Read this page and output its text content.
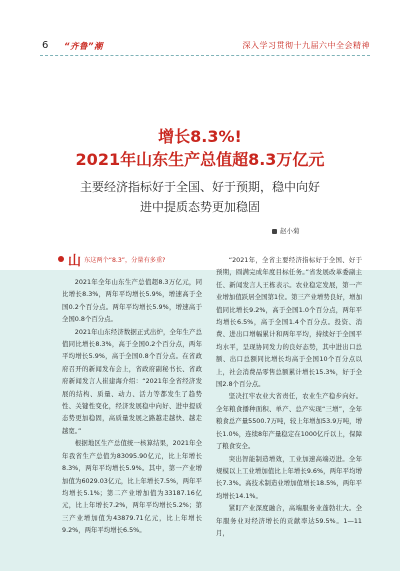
6 “齐鲁”潮	深入学习贯彻十九届六中全会精神
增长8.3%!
2021年山东生产总值超8.3万亿元
主要经济指标好于全国、好于预期，稳中向好
进中提质态势更加稳固
赵小菊
山 东这两个“8.3”，分量有多重?

2021年全年山东生产总值超8.3万亿元，同比增长8.3%，两年平均增长5.9%，增速高于全国0.2个百分点。两年平均增长5.9%，增速高于全国0.8个百分点。

2021年山东经济数据正式出炉，全年生产总值同比增长8.3%，高于全国0.2个百分点，两年平均增长5.9%，高于全国0.8个百分点。在省政府召开的新闻发布会上，省政府副秘书长、省政府新闻发言人崔建海介绍：“2021年全省经济发展的结构、质量、动力、活力等都发生了趋势性、关键性变化，经济发展稳中向好、进中提质态势更加稳固，高质量发展之路越走越快、越走越宽。”

根据地区生产总值统一核算结果，2021年全年我省生产总值为83095.90亿元，比上年增长8.3%，两年平均增长5.9%。其中，第一产业增加值为6029.03亿元，比上年增长7.5%，两年平均增长5.1%；第二产业增加值为33187.16亿元，比上年增长7.2%，两年平均增长5.2%；第三产业增加值为43879.71亿元，比上年增长9.2%，两年平均增长6.5%。

“2021年，全省主要经济指标好于全国、好于预期，圆满完成年度目标任务。”省发展改革委副主任、新闻发言人王栋表示。农业稳定发展，第一产业增加值跃居全国第1位。第三产业增势良好，增加值同比增长9.2%，高于全国1.0个百分点，两年平均增长6.5%，高于全国1.4个百分点。投资、消费、进出口增幅累计和两年平均，持续好于全国平均水平，呈现协同发力的良好态势，其中进出口总额、出口总额同比增长均高于全国10个百分点以上，社会消费品零售总额累计增长15.3%，好于全国2.8个百分点。

坚决扛牢农业大省责任，农业生产稳步向好。全年粮食播种面积、单产、总产实现“三增”，全年粮食总产量5500.7万吨，较上年增加53.9万吨，增长1.0%，连续8年产量稳定在1000亿斤以上，保障了粮食安全。

突出智能制造增效，工业加速高端迈进。全年规模以上工业增加值比上年增长9.6%，两年平均增长7.3%。高技术制造业增加值增长18.5%，两年平均增长14.1%。

紧盯产业深度融合，高端服务业蓬勃壮大。全年服务业对经济增长的贡献率达59.5%。1—11月，
